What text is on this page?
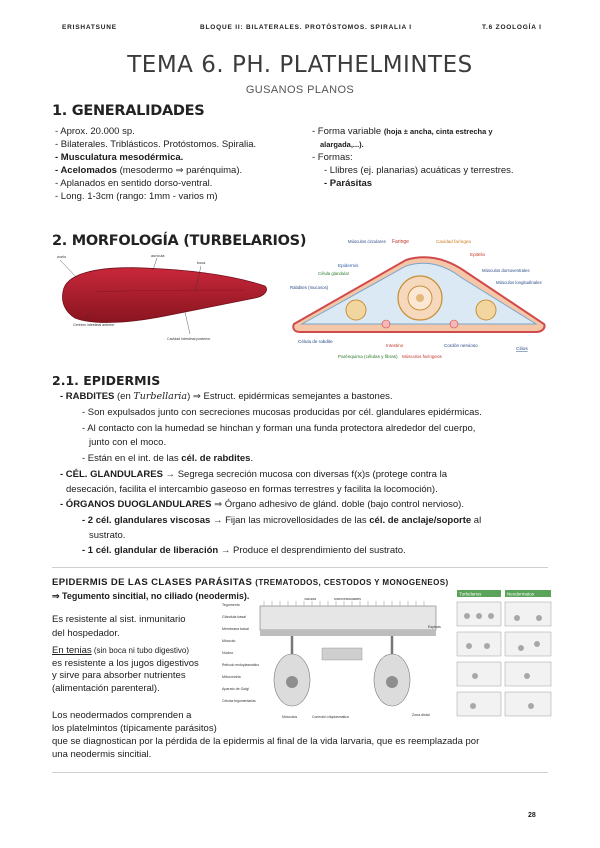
ERISHATSUNE	BLOQUE II: BILATERALES. PROTÓSTOMOS. SPIRALIA I	T.6 ZOOLOGÍA I
TEMA 6. PH. PLATHELMINTES
GUSANOS PLANOS
1. GENERALIDADES
- Aprox. 20.000 sp.
- Bilaterales. Triblásticos. Protóstomos. Spiralia.
- Musculatura mesodérmica.
- Acelomados (mesodermo ⇒ parénquima).
- Aplanados en sentido dorso-ventral.
- Long. 1-3cm (rango: 1mm - varios m)
- Forma variable (hoja ± ancha, cinta estrecha y
alargada,...).
- Formas:
- Llibres (ej. planarias) acuáticas y terrestres.
- Parásitas
2. MORFOLOGÍA (TURBELARIOS)
ocelo	aurícula
boca
Cerebro intestinal anterior
Cavidad intestinal posterior
Músculos circulares Faringe	Cavidad faríngea
Epitelio
Epidermis
Célula glandular
Rabdites (mucosos)
Músculos dorsoventrales
Músculos longitudinales
Célula de rabdite
Intestino	Cordón nervioso
Cilios
Parénquima (células y fibras) Músculos faríngeos
2.1. EPIDERMIS
- RABDITES (en Turbellaria) ⇒ Estruct. epidérmicas semejantes a bastones.
- Son expulsados junto con secreciones mucosas producidas por cél. glandulares epidérmicas.
- Al contacto con la humedad se hinchan y forman una funda protectora alrededor del cuerpo,
junto con el moco.
- Están en el int. de las cél. de rabdites.
- CÉL. GLANDULARES → Segrega secreción mucosa con diversas f(x)s (protege contra la
desecación, facilita el intercambio gaseoso en formas terrestres y facilita la locomoción).
- ÓRGANOS DUOGLANDULARES ⇒ Órgano adhesivo de glánd. doble (bajo control nervioso).
- 2 cél. glandulares viscosas → Fijan las microvellosidades de las cél. de anclaje/soporte al
sustrato.
- 1 cél. glandular de liberación → Produce el desprendimiento del sustrato.
EPIDERMIS DE LAS CLASES PARÁSITAS (TREMATODOS, CESTODOS Y MONOGENEOS)
⇒ Tegumento sincitial, no ciliado (neodermis).
Es resistente al sist. inmunitario
del hospedador.
En tenias (sin boca ni tubo digestivo)
es resistente a los jugos digestivos
y sirve para absorber nutrientes
(alimentación parenteral).
Los neodermados comprenden a
los platelmintos (típicamente parásitos)
que se diagnostican por la pérdida de la epidermis al final de la vida larvaria, que es reemplazada por
una neodermis sincitial.
Tegumento
Vacuola	Microvellosidades
Glándula basal
Membrana basal
Músculo
Núcleo
Retículo endoplasmático
Mitocondria
Aparato de Golgi
Células tegumentarias
Músculos	Conexión citoplasmática	Zona distal
Espinas
Turbelarios	Neodermatos
28
